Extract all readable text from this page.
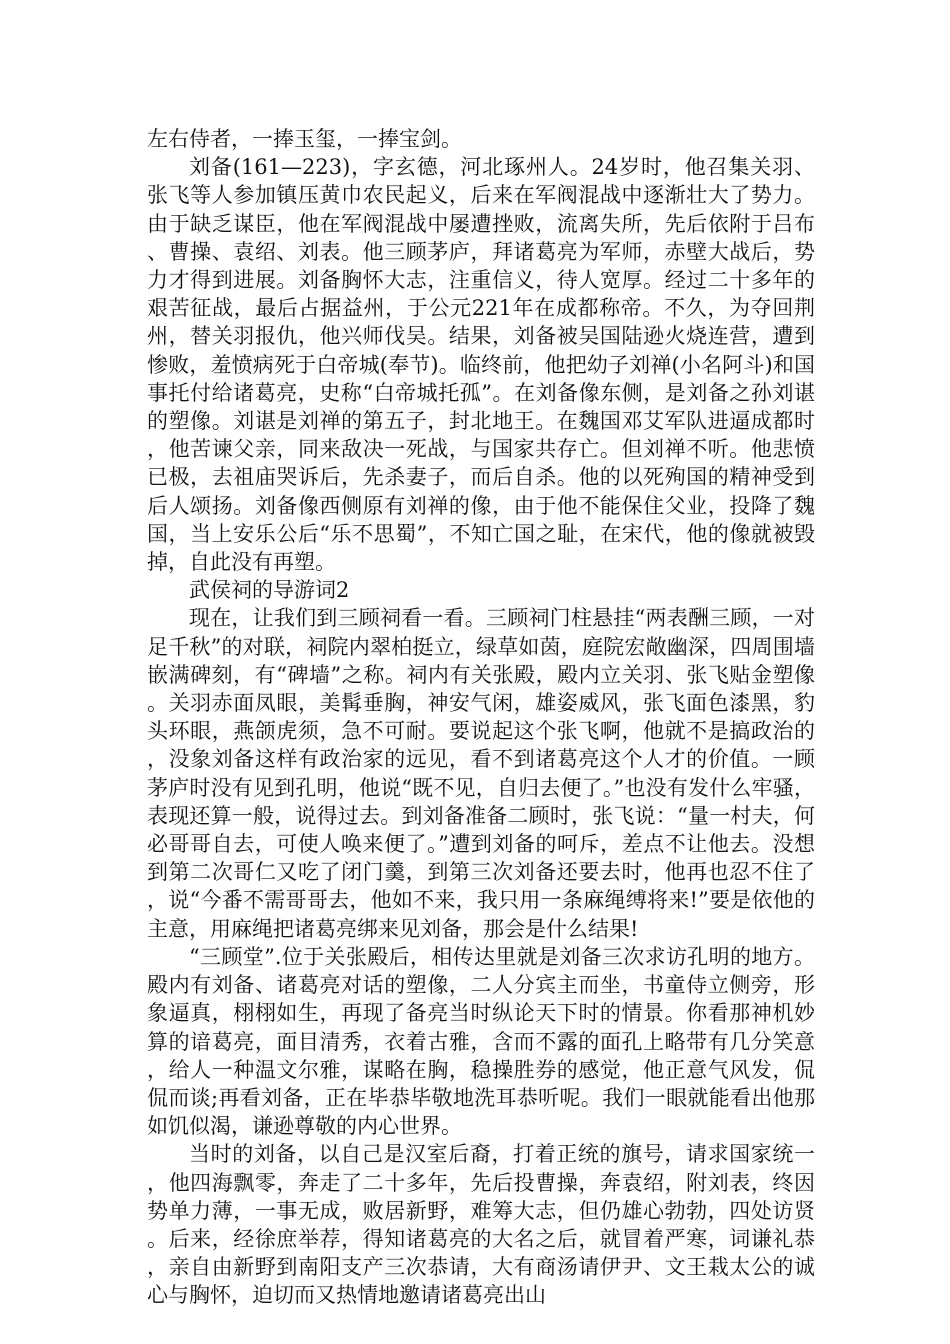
左右侍者，一捧玉玺，一捧宝剑。

刘备(161—223)，字玄德，河北琢州人。24岁时，他召集关羽、张飞等人参加镇压黄巾农民起义，后来在军阀混战中逐渐壮大了势力。由于缺乏谋臣，他在军阀混战中屡遭挫败，流离失所，先后依附于吕布、曹操、袁绍、刘表。他三顾茅庐，拜诸葛亮为军师，赤壁大战后，势力才得到进展。刘备胸怀大志，注重信义，待人宽厚。经过二十多年的艰苦征战，最后占据益州，于公元221年在成都称帝。不久，为夺回荆州，替关羽报仇，他兴师伐吴。结果，刘备被吴国陆逊火烧连营，遭到惨败，羞愤病死于白帝城(奉节)。临终前，他把幼子刘禅(小名阿斗)和国事托付给诸葛亮，史称“白帝城托孤”。在刘备像东侧，是刘备之孙刘谌的塑像。刘谌是刘禅的第五子，封北地王。在魏国邓艾军队进逼成都时，他苦谏父亲，同来敌决一死战，与国家共存亡。但刘禅不听。他悲愤已极，去祖庙哭诉后，先杀妻子，而后自杀。他的以死殉国的精神受到后人颂扬。刘备像西侧原有刘禅的像，由于他不能保住父业，投降了魏国，当上安乐公后“乐不思蜀”，不知亡国之耻，在宋代，他的像就被毁掉，自此没有再塑。

武侯祠的导游词2

现在，让我们到三顾祠看一看。三顾祠门柱悬挂“两表酬三顾，一对足千秋”的对联，祠院内翠柏挺立，绿草如茵，庭院宏敞幽深，四周围墙嵌满碑刻，有“碑墙”之称。祠内有关张殿，殿内立关羽、张飞贴金塑像。关羽赤面凤眼，美髯垂胸，神安气闲，雄姿威风，张飞面色漆黑，豹头环眼，燕颌虎须，急不可耐。要说起这个张飞啊，他就不是搞政治的，没象刘备这样有政治家的远见，看不到诸葛亮这个人才的价值。一顾茅庐时没有见到孔明，他说“既不见，自归去便了。”也没有发什么牢骚，表现还算一般，说得过去。到刘备准备二顾时，张飞说：“量一村夫，何必哥哥自去，可使人唤来便了。”遭到刘备的呵斥，差点不让他去。没想到第二次哥仁又吃了闭门羹，到第三次刘备还要去时，他再也忍不住了，说“今番不需哥哥去，他如不来，我只用一条麻绳缚将来!”要是依他的主意，用麻绳把诸葛亮绑来见刘备，那会是什么结果!

“三顾堂”.位于关张殿后，相传达里就是刘备三次求访孔明的地方。殿内有刘备、诸葛亮对话的塑像，二人分宾主而坐，书童侍立侧旁，形象逼真，栩栩如生，再现了备亮当时纵论天下时的情景。你看那神机妙算的谙葛亮，面目清秀，衣着古雅，含而不露的面孔上略带有几分笑意，给人一种温文尔雅，谋略在胸，稳操胜券的感觉，他正意气风发，侃侃而谈;再看刘备，正在毕恭毕敬地洗耳恭听呢。我们一眼就能看出他那如饥似渴，谦逊尊敬的内心世界。

当时的刘备，以自己是汉室后裔，打着正统的旗号，请求国家统一，他四海飘零，奔走了二十多年，先后投曹操，奔袁绍，附刘表，终因势单力薄，一事无成，败居新野，难筹大志，但仍雄心勃勃，四处访贤。后来，经徐庶举荐，得知诸葛亮的大名之后，就冒着严寒，词谦礼恭，亲自由新野到南阳支产三次恭请，大有商汤请伊尹、文王栽太公的诚心与胸怀，迫切而又热情地邀请诸葛亮出山
